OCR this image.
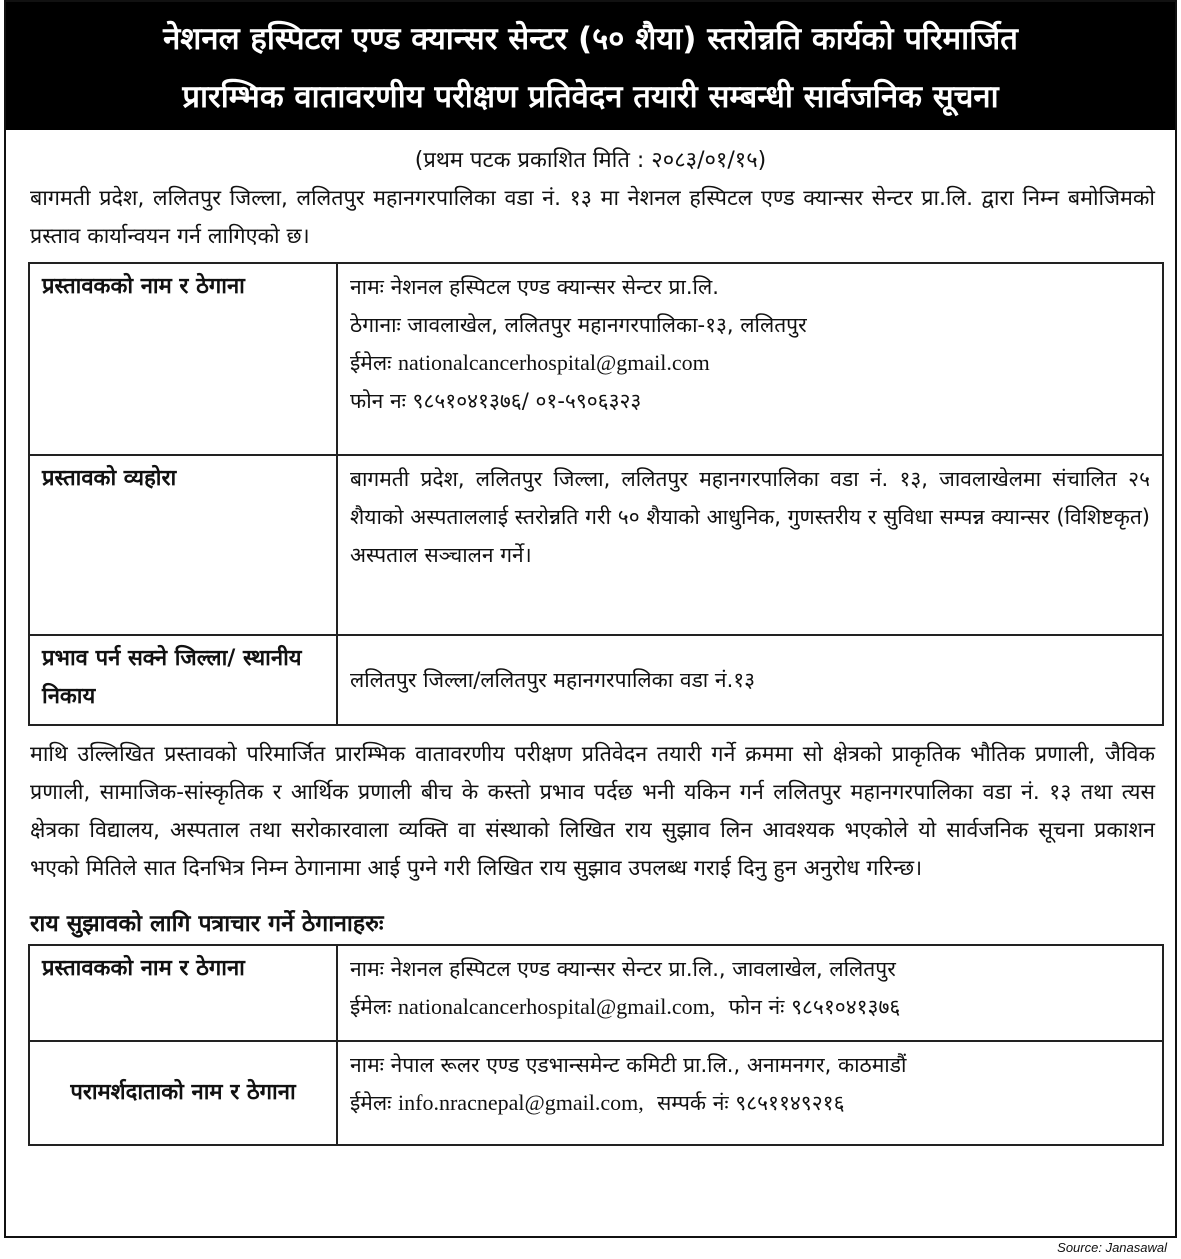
नेशनल हस्पिटल एण्ड क्यान्सर सेन्टर (५० शैया) स्तरोन्नति कार्यको परिमार्जित
प्रारम्भिक वातावरणीय परीक्षण प्रतिवेदन तयारी सम्बन्धी सार्वजनिक सूचना
(प्रथम पटक प्रकाशित मिति : २०८३/०१/१५)

बागमती प्रदेश, ललितपुर जिल्ला, ललितपुर महानगरपालिका वडा नं. १३ मा नेशनल हस्पिटल एण्ड क्यान्सर सेन्टर प्रा.लि. द्वारा निम्न बमोजिमको प्रस्ताव कार्यान्वयन गर्न लागिएको छ।

प्रस्तावकको नाम र ठेगाना	नामः नेशनल हस्पिटल एण्ड क्यान्सर सेन्टर प्रा.लि.
ठेगानाः जावलाखेल, ललितपुर महानगरपालिका-१३, ललितपुर
ईमेलः nationalcancerhospital@gmail.com
फोन नः ९८५१०४१३७६/ ०१-५९०६३२३

प्रस्तावको व्यहोरा	बागमती प्रदेश, ललितपुर जिल्ला, ललितपुर महानगरपालिका वडा नं. १३, जावलाखेलमा संचालित २५ शैयाको अस्पताललाई स्तरोन्नति गरी ५० शैयाको आधुनिक, गुणस्तरीय र सुविधा सम्पन्न क्यान्सर (विशिष्टकृत) अस्पताल सञ्चालन गर्ने।
प्रभाव पर्न सक्ने जिल्ला/ स्थानीय निकाय	ललितपुर जिल्ला/ललितपुर महानगरपालिका वडा नं.१३

माथि उल्लिखित प्रस्तावको परिमार्जित प्रारम्भिक वातावरणीय परीक्षण प्रतिवेदन तयारी गर्ने क्रममा सो क्षेत्रको प्राकृतिक भौतिक प्रणाली, जैविक प्रणाली, सामाजिक-सांस्कृतिक र आर्थिक प्रणाली बीच के कस्तो प्रभाव पर्दछ भनी यकिन गर्न ललितपुर महानगरपालिका वडा नं. १३ तथा त्यस क्षेत्रका विद्यालय, अस्पताल तथा सरोकारवाला व्यक्ति वा संस्थाको लिखित राय सुझाव लिन आवश्यक भएकोले यो सार्वजनिक सूचना प्रकाशन भएको मितिले सात दिनभित्र निम्न ठेगानामा आई पुग्ने गरी लिखित राय सुझाव उपलब्ध गराई दिनु हुन अनुरोध गरिन्छ।

राय सुझावको लागि पत्राचार गर्ने ठेगानाहरुः
प्रस्तावकको नाम र ठेगाना	नामः नेशनल हस्पिटल एण्ड क्यान्सर सेन्टर प्रा.लि., जावलाखेल, ललितपुर
ईमेलः nationalcancerhospital@gmail.com, फोन नंः ९८५१०४१३७६

परामर्शदाताको नाम र ठेगाना	नामः नेपाल रूलर एण्ड एडभान्समेन्ट कमिटी प्रा.लि., अनामनगर, काठमाडौं
ईमेलः info.nracnepal@gmail.com, सम्पर्क नंः ९८५११४९२१६
Source: Janasawal
